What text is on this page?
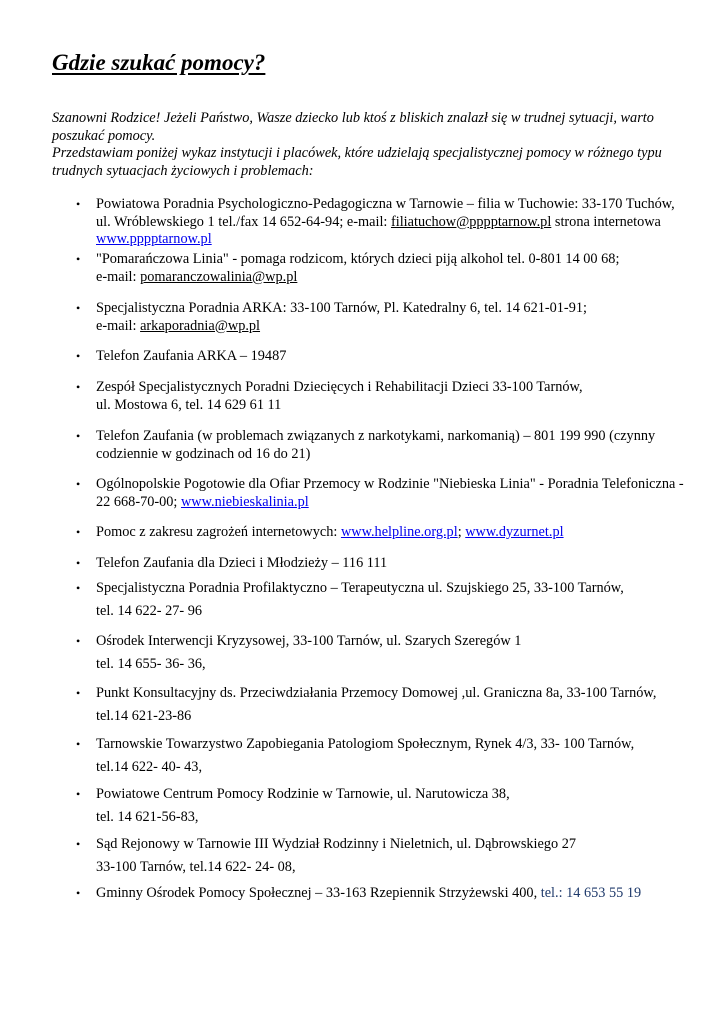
Gdzie szukać pomocy?

Szanowni Rodzice! Jeżeli Państwo, Wasze dziecko lub ktoś z bliskich znalazł się w trudnej sytuacji, warto poszukać pomocy.

Przedstawiam poniżej wykaz instytucji i placówek, które udzielają specjalistycznej pomocy w różnego typu trudnych sytuacjach życiowych i problemach:

• Powiatowa Poradnia Psychologiczno-Pedagogiczna w Tarnowie – filia w Tuchowie: 33-170 Tuchów, ul. Wróblewskiego 1 tel./fax 14 652-64-94; e-mail: filiatuchow@pppptarnow.pl strona internetowa www.pppptarnow.pl
• "Pomarańczowa Linia" - pomaga rodzicom, których dzieci piją alkohol tel. 0-801 14 00 68;
e-mail: pomaranczowalinia@wp.pl
• Specjalistyczna Poradnia ARKA: 33-100 Tarnów, Pl. Katedralny 6, tel. 14 621-01-91;
e-mail: arkaporadnia@wp.pl
• Telefon Zaufania ARKA – 19487
• Zespół Specjalistycznych Poradni Dziecięcych i Rehabilitacji Dzieci 33-100 Tarnów,
ul. Mostowa 6, tel. 14 629 61 11
• Telefon Zaufania (w problemach związanych z narkotykami, narkomanią) – 801 199 990 (czynny codziennie w godzinach od 16 do 21)
• Ogólnopolskie Pogotowie dla Ofiar Przemocy w Rodzinie "Niebieska Linia" - Poradnia Telefoniczna - 22 668-70-00; www.niebieskalinia.pl
• Pomoc z zakresu zagrożeń internetowych: www.helpline.org.pl; www.dyzurnet.pl
• Telefon Zaufania dla Dzieci i Młodzieży – 116 111
• Specjalistyczna Poradnia Profilaktyczno – Terapeutyczna ul. Szujskiego 25, 33-100 Tarnów,
tel. 14 622- 27- 96
• Ośrodek Interwencji Kryzysowej, 33-100 Tarnów, ul. Szarych Szeregów 1
tel. 14 655- 36- 36,
• Punkt Konsultacyjny ds. Przeciwdziałania Przemocy Domowej ,ul. Graniczna 8a, 33-100 Tarnów,
tel.14 621-23-86
• Tarnowskie Towarzystwo Zapobiegania Patologiom Społecznym, Rynek 4/3, 33- 100 Tarnów,
tel.14 622- 40- 43,
• Powiatowe Centrum Pomocy Rodzinie w Tarnowie, ul. Narutowicza 38,
tel. 14 621-56-83,
• Sąd Rejonowy w Tarnowie III Wydział Rodzinny i Nieletnich, ul. Dąbrowskiego 27
33-100 Tarnów, tel.14 622- 24- 08,
• Gminny Ośrodek Pomocy Społecznej – 33-163 Rzepiennik Strzyżewski 400, tel.: 14 653 55 19
